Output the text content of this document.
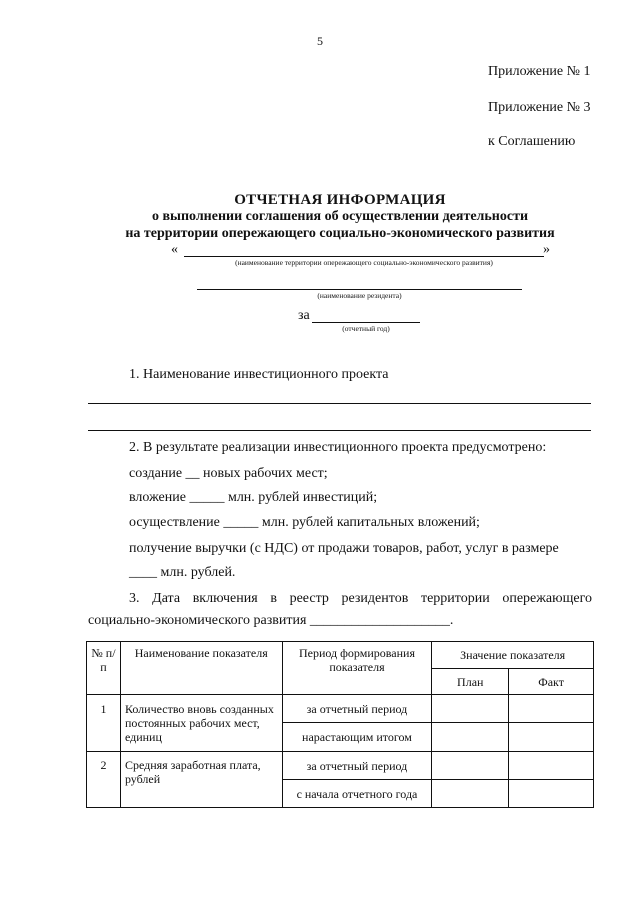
5
Приложение № 1
Приложение № 3
к Соглашению
ОТЧЕТНАЯ ИНФОРМАЦИЯ
о выполнении соглашения об осуществлении деятельности
на территории опережающего социально-экономического развития
«	»
(наименование территории опережающего социально-экономического развития)
(наименование резидента)
за
(отчетный год)
1. Наименование инвестиционного проекта
2. В результате реализации инвестиционного проекта предусмотрено:
создание __ новых рабочих мест;
вложение _____ млн. рублей инвестиций;
осуществление _____ млн. рублей капитальных вложений;
получение выручки (с НДС) от продажи товаров, работ, услуг в размере
____ млн. рублей.
3. Дата включения в реестр резидентов территории опережающего
социально-экономического развития ____________________.
№ п/п	Наименование показателя	Период формирования показателя	Значение показателя	
			План	Факт
1	Количество вновь созданных постоянных рабочих мест, единиц	за отчетный период		
		нарастающим итогом		
2	Средняя заработная плата, рублей	за отчетный период		
		с начала отчетного года		
